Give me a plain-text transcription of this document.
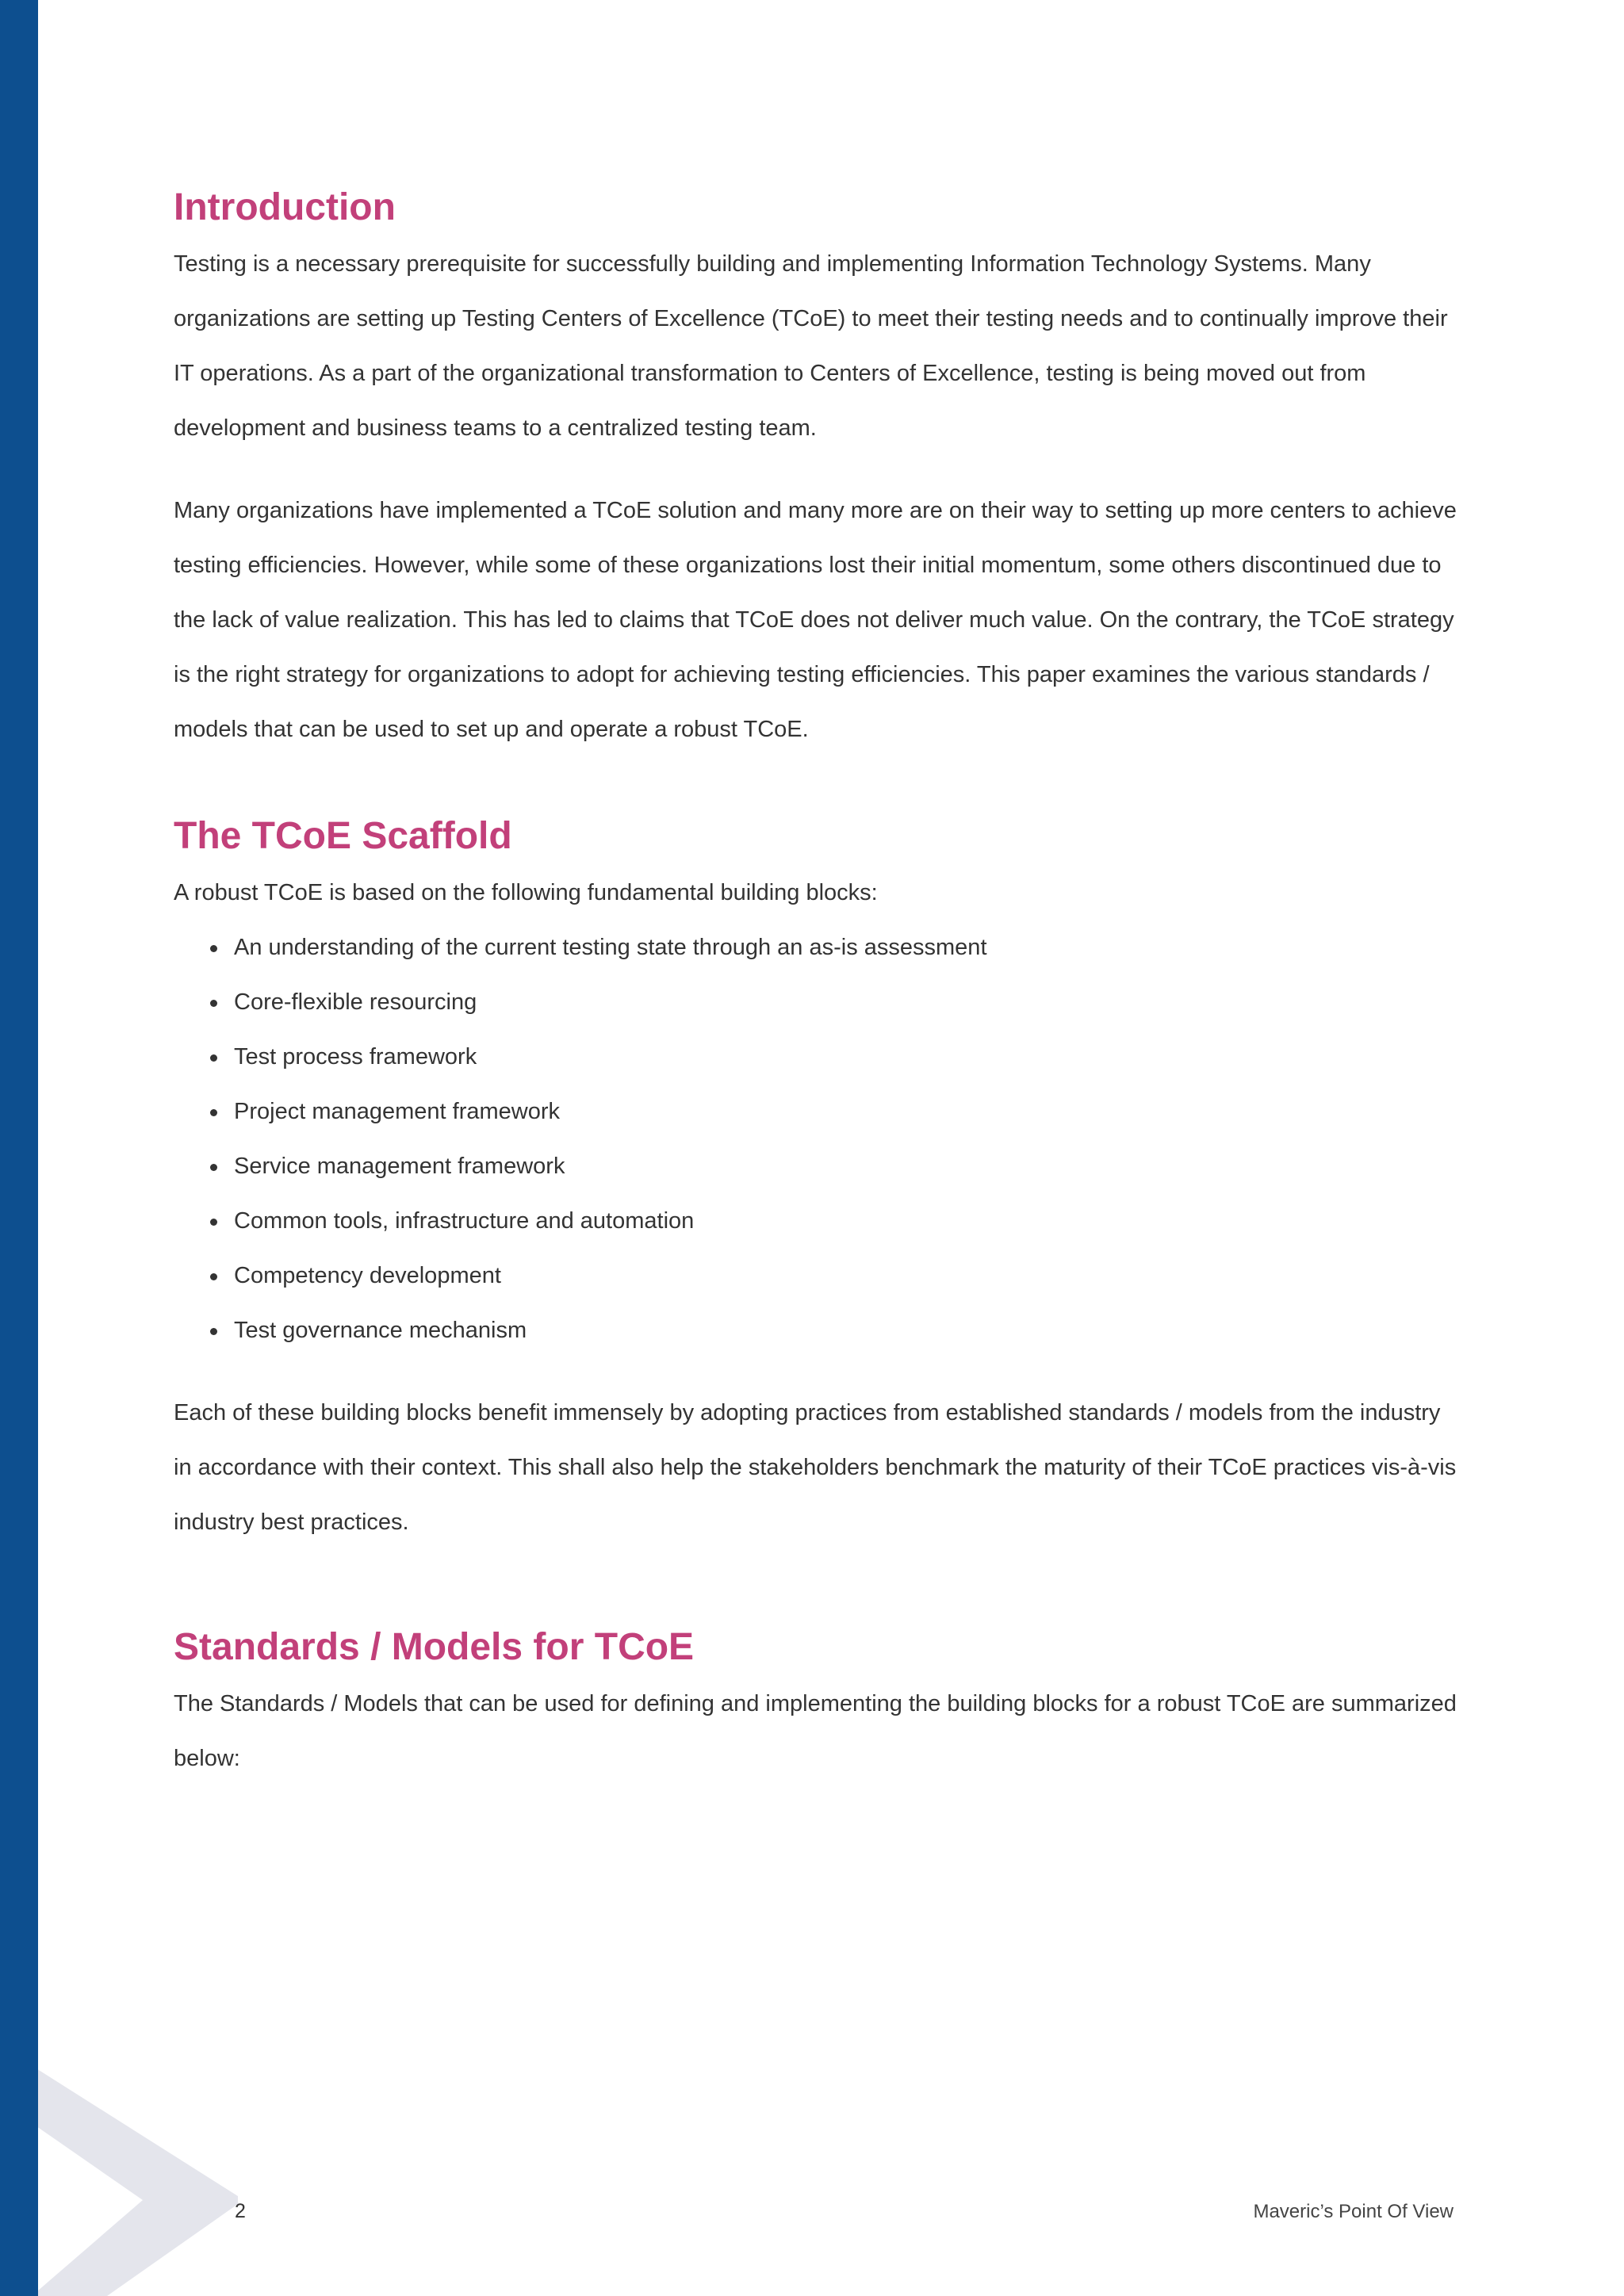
Introduction

Testing is a necessary prerequisite for successfully building and implementing Information Technology Systems. Many organizations are setting up Testing Centers of Excellence (TCoE) to meet their testing needs and to continually improve their IT operations. As a part of the organizational transformation to Centers of Excellence, testing is being moved out from development and business teams to a centralized testing team.

Many organizations have implemented a TCoE solution and many more are on their way to setting up more centers to achieve testing efficiencies. However, while some of these organizations lost their initial momentum, some others discontinued due to the lack of value realization. This has led to claims that TCoE does not deliver much value. On the contrary, the TCoE strategy is the right strategy for organizations to adopt for achieving testing efficiencies. This paper examines the various standards / models that can be used to set up and operate a robust TCoE.

The TCoE Scaffold

A robust TCoE is based on the following fundamental building blocks:

An understanding of the current testing state through an as-is assessment
Core-flexible resourcing
Test process framework
Project management framework
Service management framework
Common tools, infrastructure and automation
Competency development
Test governance mechanism

Each of these building blocks benefit immensely by adopting practices from established standards / models from the industry in accordance with their context. This shall also help the stakeholders benchmark the maturity of their TCoE practices vis-à-vis industry best practices.

Standards / Models for TCoE

The Standards / Models that can be used for defining and implementing the building blocks for a robust TCoE are summarized below:

2	Maveric’s Point Of View
